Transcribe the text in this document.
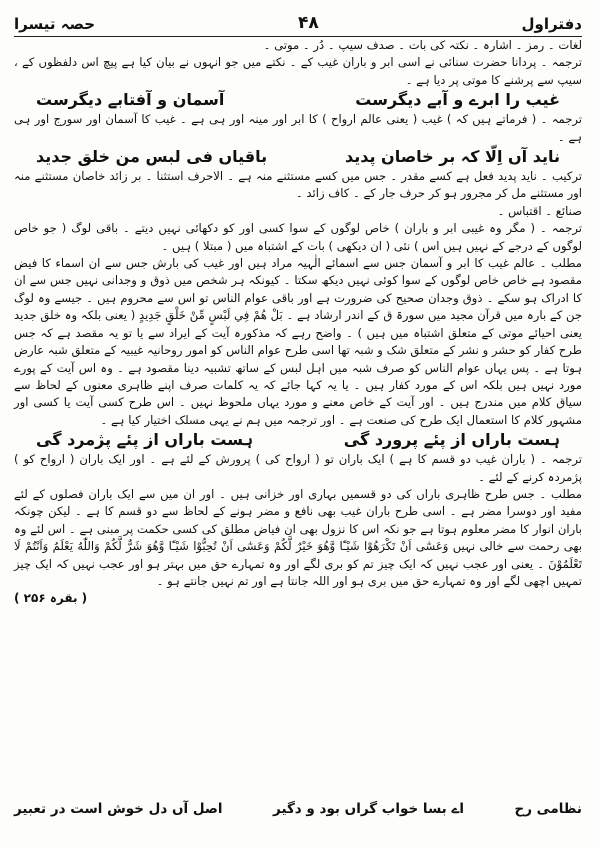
دفتراول
۴۸
حصہ تیسرا

لغات ۔ رمز ۔ اشارہ ۔ نکتہ کی بات ۔ صدف سیپ ۔ دُر ۔ موتی ۔

ترجمہ ۔ پردانا حضرت سنائی نے اسی ابر و باران غیب کے ۔ نکتے میں جو انہوں نے بیان کیا ہے پیچ اس دلفظوں کے ، سیپ سے پرشنے کا موتی پر دیا ہے ۔

غیب را ابرے و آبے دیگرست
آسمان و آفتابے دیگرست

ترجمہ ۔ ( فرماتے ہیں کہ ) غیب ( یعنی عالم ارواح ) کا ابر اور مینہ اور ہی ہے ۔ غیب کا آسمان اور سورج اور ہی ہے ۔

ناید آں اِلّا کہ بر خاصان پدید
باقیاں فی لبس من خلق جدید

ترکیب ۔ ناید پدید فعل ہے کسے مقدر ۔ جس میں کسے مستثنے منہ ہے ۔ الاحرف استثنا ۔ بر زائد خاصان مستثنے منہ اور مستثنے مل کر مجرور ہو کر حرف جار کے ۔ کاف زائد ۔

صنائع ۔ اقتباس ۔

ترجمہ ۔ ( مگر وہ غیبی ابر و باران ) خاص لوگوں کے سوا کسی اور کو دکھائی نہیں دیتے ۔ باقی لوگ ( جو خاص لوگوں کے درجے کے نہیں ہیں اس ) نئی ( ان دیکھی ) بات کے اشتباہ میں ( مبتلا ) ہیں ۔

مطلب ۔ عالم غیب کا ابر و آسمان جس سے اسمائے الٰہیہ مراد ہیں اور غیب کی بارش جس سے ان اسماء کا فیض مقصود ہے خاص خاص لوگوں کے سوا کوئی نہیں دیکھ سکتا ۔ کیونکہ ہر شخص میں ذوق و وجدانی نہیں جس سے ان کا ادراک ہو سکے ۔ ذوق وجدان صحیح کی ضرورت ہے اور باقی عوام الناس تو اس سے محروم ہیں ۔ جیسے وہ لوگ جن کے بارہ میں قرآن مجید میں سورۃ ق کے اندر ارشاد ہے ۔ بَلْ هُمْ فِي لَبْسٍ مِّنْ خَلْقٍ جَدِيدٍ ( یعنی بلکہ وہ خلق جدید یعنی احیائے موتی کے متعلق اشتباہ میں ہیں ) ۔ واضح رہے کہ مذکورہ آیت کے ایراد سے یا تو یہ مقصد ہے کہ جس طرح کفار کو حشر و نشر کے متعلق شک و شبہ تھا اسی طرح عوام الناس کو امور روحانیہ غیبیہ کے متعلق شبہ عارض ہوتا ہے ۔ پس یہاں عوام الناس کو صرف شبہ میں اہل لبس کے ساتھ تشبیہ دینا مقصود ہے ۔ وہ اس آیت کے پورے مورد نہیں ہیں بلکہ اس کے مورد کفار ہیں ۔ یا یہ کہا جائے کہ یہ کلمات صرف اپنے ظاہری معنوں کے لحاظ سے سیاق کلام میں مندرج ہیں ۔ اور آیت کے خاص معنے و مورد یہاں ملحوظ نہیں ۔ اس طرح کسی آیت یا کسی اور مشہور کلام کا استعمال ایک طرح کی صنعت ہے ۔ اور ترجمہ میں ہم نے یہی مسلک اختیار کیا ہے ۔

ہست باراں از پئے پرورد گی
ہست باراں از پئے پژمرد گی

ترجمہ ۔ ( باران غیب دو قسم کا ہے ) ایک باران تو ( ارواح کی ) پرورش کے لئے ہے ۔ اور ایک باران ( ارواح کو ) پژمردہ کرنے کے لئے ۔

مطلب ۔ جس طرح ظاہری باراں کی دو قسمیں بہاری اور خزانی ہیں ۔ اور ان میں سے ایک باران فصلوں کے لئے مفید اور دوسرا مضر ہے ۔ اسی طرح باران غیب بھی نافع و مضر ہونے کے لحاظ سے دو قسم کا ہے ۔ لیکن چونکہ باران انوار کا مضر معلوم ہوتا ہے جو نکہ اس کا نزول بھی ان فیاض مطلق کی کسی حکمت پر مبنی ہے ۔ اس لئے وہ بھی رحمت سے خالی نہیں وَعَسٰٓى اَنْ تَكْرَهُوْا شَيْـًٔا وَّهُوَ خَيْرٌ لَّكُمْ وَعَسٰٓى اَنْ تُحِبُّوْا شَيْـًٔا وَّهُوَ شَرٌّ لَّكُمْ وَاللّٰهُ يَعْلَمُ وَاَنْتُمْ لَا تَعْلَمُوْنَ ۔ یعنی اور عجب نہیں کہ ایک چیز تم کو بری لگے اور وہ تمہارے حق میں بہتر ہو اور عجب نہیں کہ ایک چیز تمہیں اچھی لگے اور وہ تمہارے حق میں بری ہو اور اللہ جانتا ہے اور تم نہیں جانتے ہو ۔

( بقرہ ۲۵۶ )

نظامی رح
اے بسا خواب گراں بود و دگیر
اصل آں دل خوش است در تعبیر
